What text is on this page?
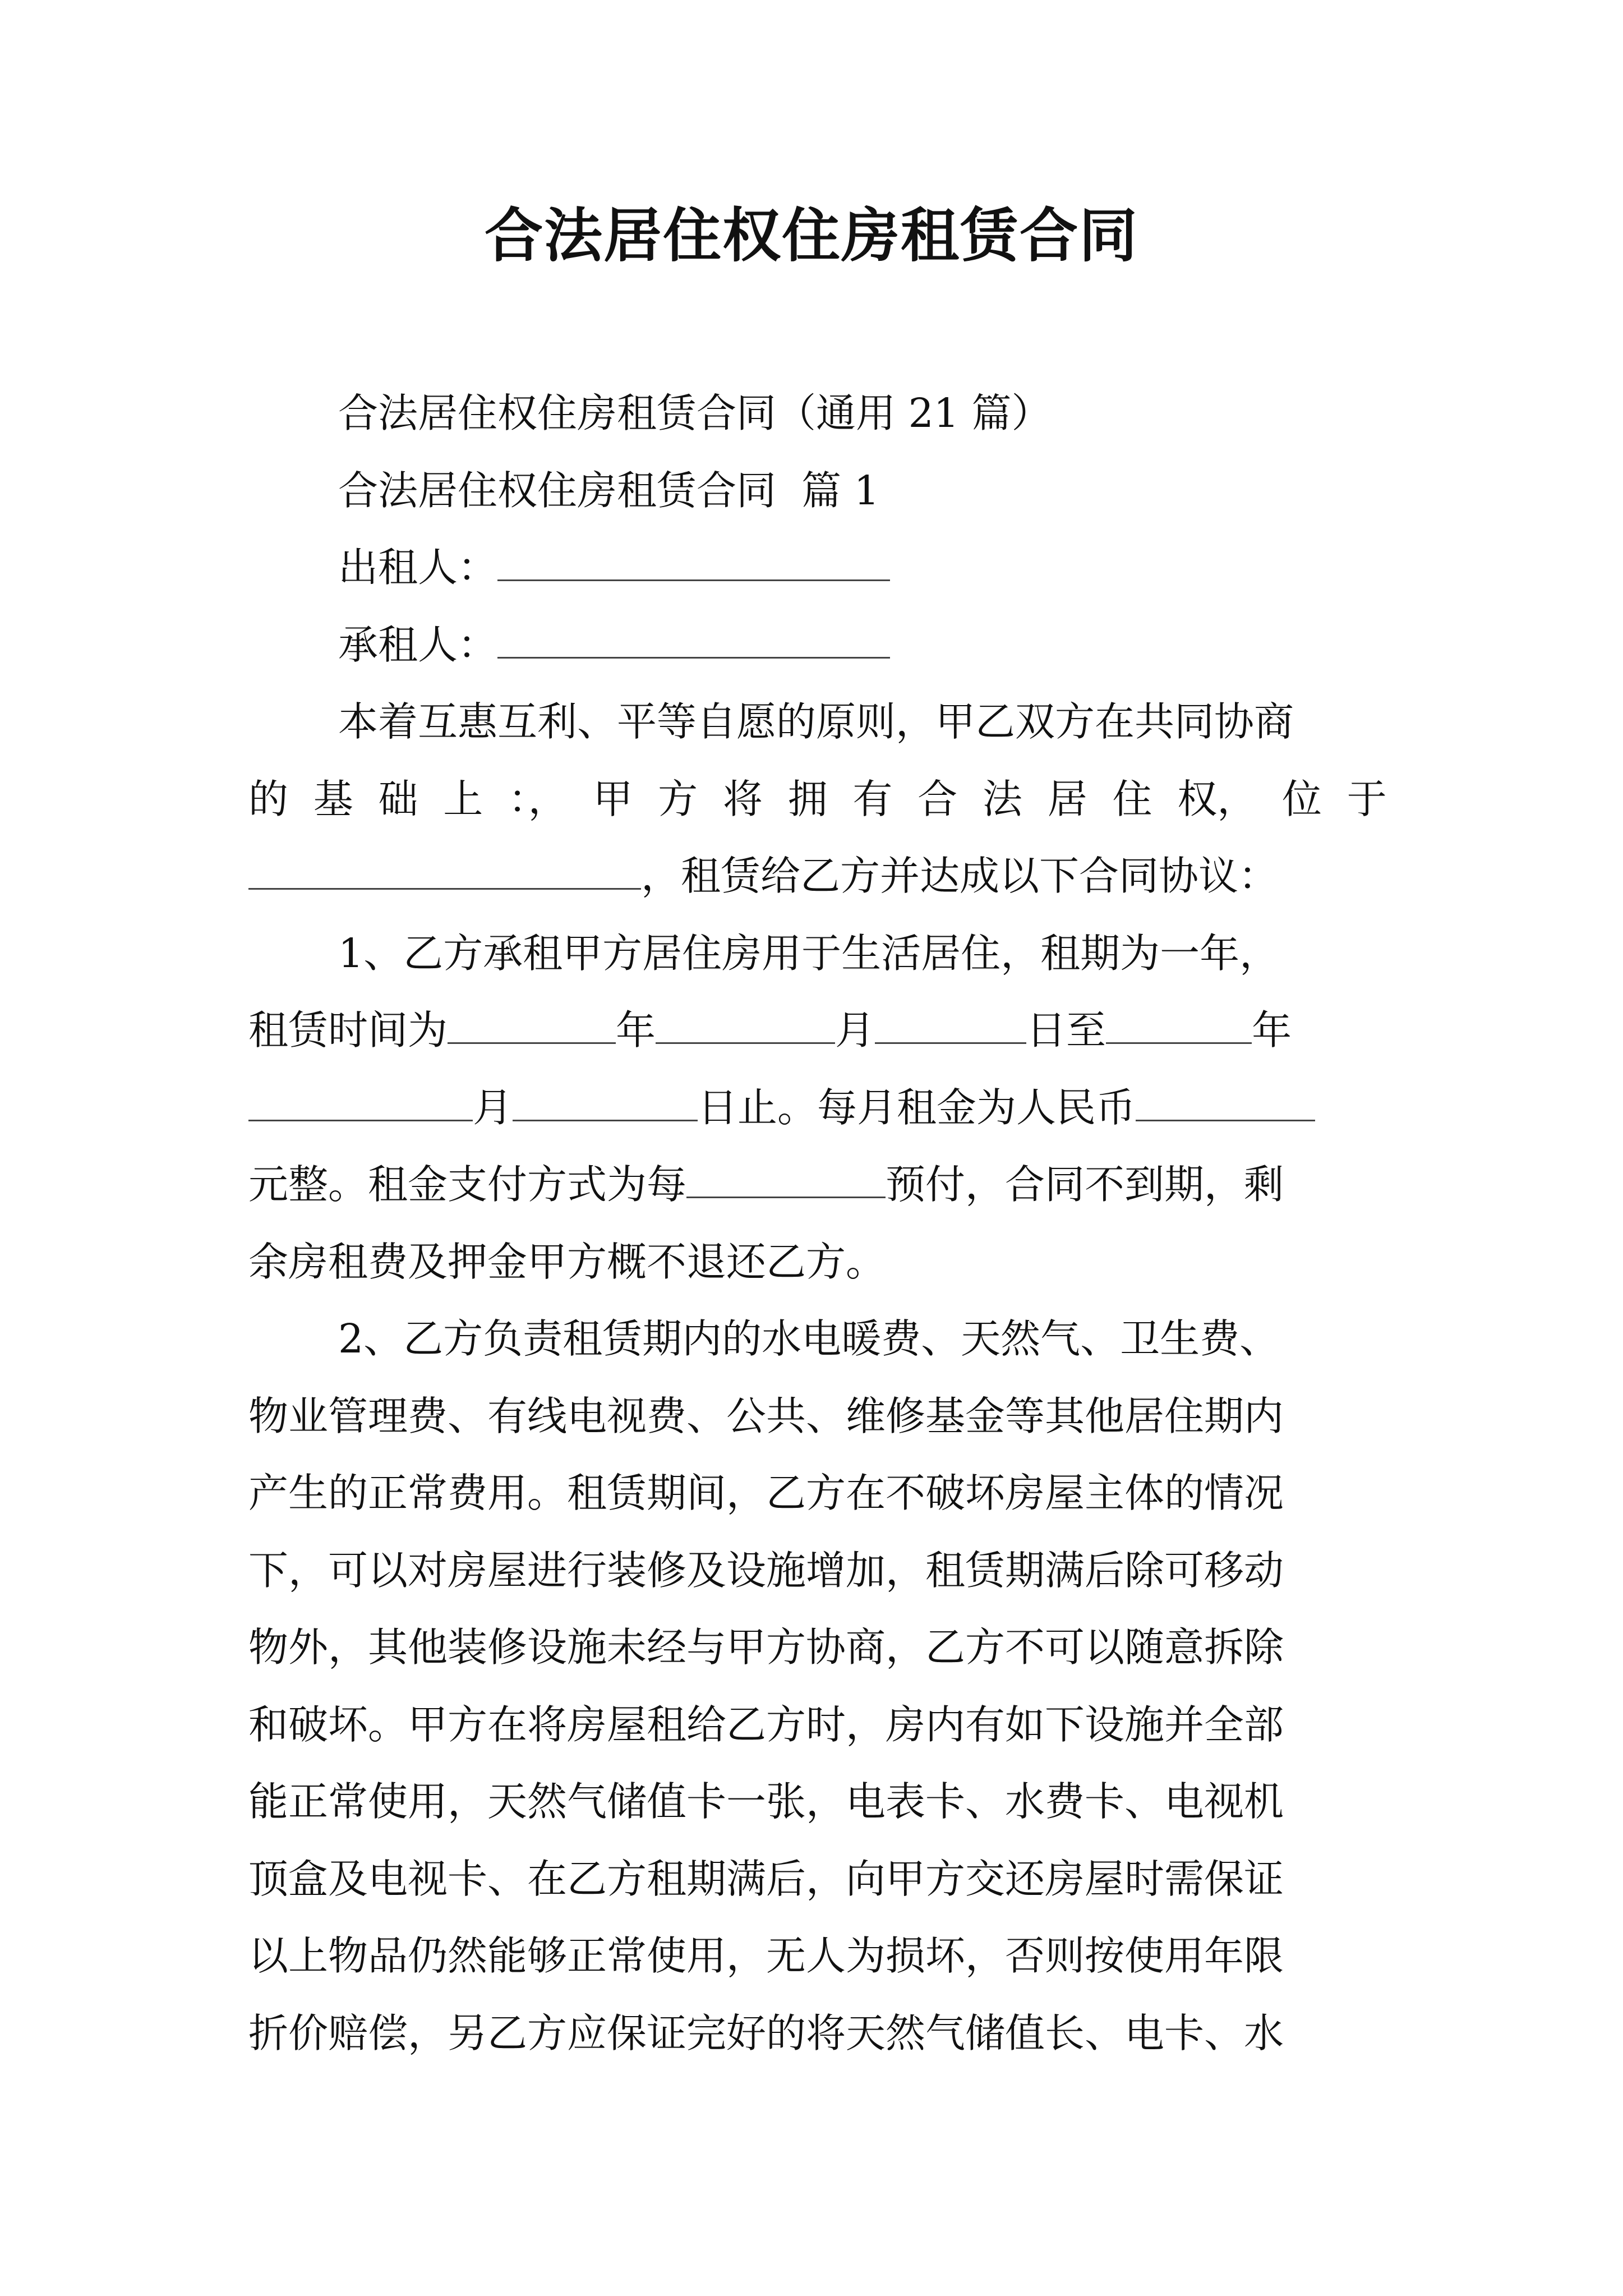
合法居住权住房租赁合同
合法居住权住房租赁合同（通用 21 篇）
合法居住权住房租赁合同  篇 1
出租人：
承租人：
本着互惠互利、平等自愿的原则，甲乙双方在共同协商
的 基 础 上 ：， 甲 方 将 拥 有 合 法 居 住 权， 位 于
，租赁给乙方并达成以下合同协议：
1、乙方承租甲方居住房用于生活居住，租期为一年，
租赁时间为	年	月	日至	年
月	日止。每月租金为人民币
元整。租金支付方式为每	预付，合同不到期，剩
余房租费及押金甲方概不退还乙方。
2、乙方负责租赁期内的水电暖费、天然气、卫生费、
物业管理费、有线电视费、公共、维修基金等其他居住期内
产生的正常费用。租赁期间，乙方在不破坏房屋主体的情况
下，可以对房屋进行装修及设施增加，租赁期满后除可移动
物外，其他装修设施未经与甲方协商，乙方不可以随意拆除
和破坏。甲方在将房屋租给乙方时，房内有如下设施并全部
能正常使用，天然气储值卡一张，电表卡、水费卡、电视机
顶盒及电视卡、在乙方租期满后，向甲方交还房屋时需保证
以上物品仍然能够正常使用，无人为损坏，否则按使用年限
折价赔偿，另乙方应保证完好的将天然气储值长、电卡、水
